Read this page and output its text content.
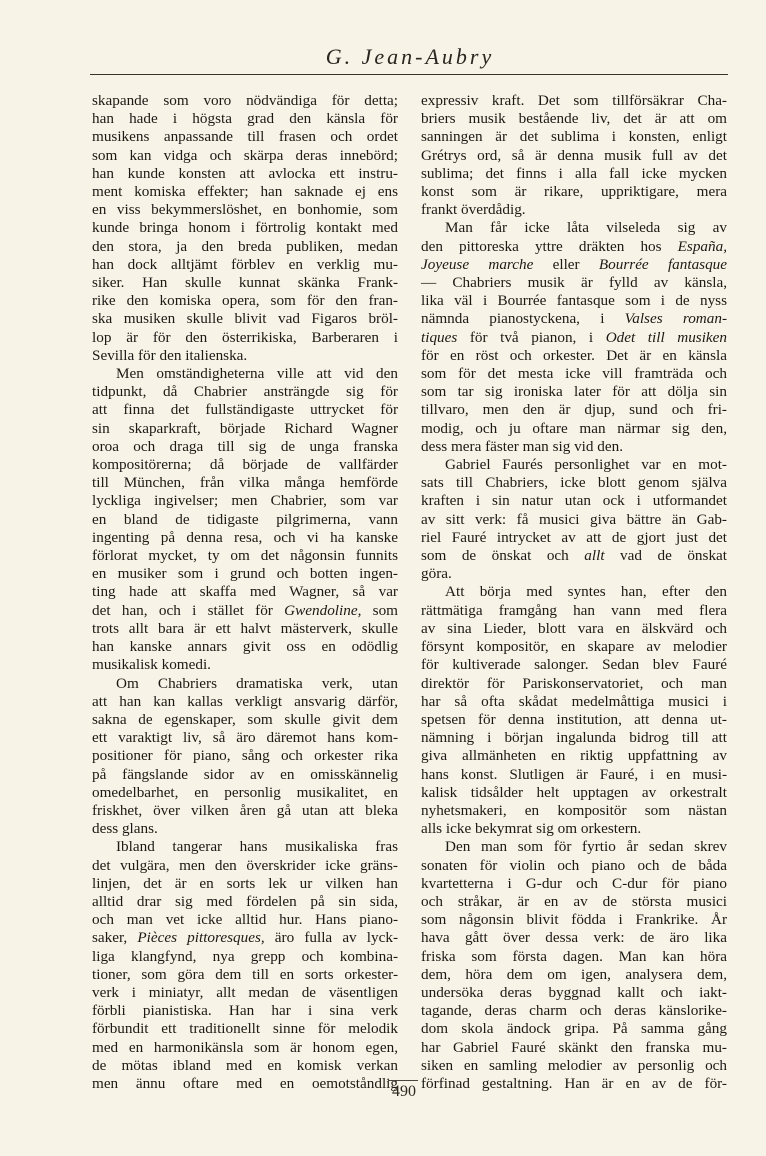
G. Jean-Aubry
skapande som voro nödvändiga för detta;
han hade i högsta grad den känsla för
musikens anpassande till frasen och ordet
som kan vidga och skärpa deras innebörd;
han kunde konsten att avlocka ett instru-
ment komiska effekter; han saknade ej ens
en viss bekymmerslöshet, en bonhomie, som
kunde bringa honom i förtrolig kontakt med
den stora, ja den breda publiken, medan
han dock alltjämt förblev en verklig mu-
siker. Han skulle kunnat skänka Frank-
rike den komiska opera, som för den fran-
ska musiken skulle blivit vad Figaros bröl-
lop är för den österrikiska, Barberaren i
Sevilla för den italienska.
Men omständigheterna ville att vid den
tidpunkt, då Chabrier ansträngde sig för
att finna det fullständigaste uttrycket för
sin skaparkraft, började Richard Wagner
oroa och draga till sig de unga franska
kompositörerna; då började de vallfärder
till München, från vilka många hemförde
lyckliga ingivelser; men Chabrier, som var
en bland de tidigaste pilgrimerna, vann
ingenting på denna resa, och vi ha kanske
förlorat mycket, ty om det någonsin funnits
en musiker som i grund och botten ingen-
ting hade att skaffa med Wagner, så var
det han, och i stället för Gwendoline, som
trots allt bara är ett halvt mästerverk, skulle
han kanske annars givit oss en odödlig
musikalisk komedi.
Om Chabriers dramatiska verk, utan
att han kan kallas verkligt ansvarig därför,
sakna de egenskaper, som skulle givit dem
ett varaktigt liv, så äro däremot hans kom-
positioner för piano, sång och orkester rika
på fängslande sidor av en omisskännelig
omedelbarhet, en personlig musikalitet, en
friskhet, över vilken åren gå utan att bleka
dess glans.
Ibland tangerar hans musikaliska fras
det vulgära, men den överskrider icke gräns-
linjen, det är en sorts lek ur vilken han
alltid drar sig med fördelen på sin sida,
och man vet icke alltid hur. Hans piano-
saker, Pièces pittoresques, äro fulla av lyck-
liga klangfynd, nya grepp och kombina-
tioner, som göra dem till en sorts orkester-
verk i miniatyr, allt medan de väsentligen
förbli pianistiska. Han har i sina verk
förbundit ett traditionellt sinne för melodik
med en harmonikänsla som är honom egen,
de mötas ibland med en komisk verkan
men ännu oftare med en oemotståndlig
expressiv kraft. Det som tillförsäkrar Cha-
briers musik bestående liv, det är att om
sanningen är det sublima i konsten, enligt
Grétrys ord, så är denna musik full av det
sublima; det finns i alla fall icke mycken
konst som är rikare, uppriktigare, mera
frankt överdådig.
Man får icke låta vilseleda sig av
den pittoreska yttre dräkten hos España,
Joyeuse marche eller Bourrée fantasque
— Chabriers musik är fylld av känsla,
lika väl i Bourrée fantasque som i de nyss
nämnda pianostyckena, i Valses roman-
tiques för två pianon, i Odet till musiken
för en röst och orkester. Det är en känsla
som för det mesta icke vill framträda och
som tar sig ironiska later för att dölja sin
tillvaro, men den är djup, sund och fri-
modig, och ju oftare man närmar sig den,
dess mera fäster man sig vid den.
Gabriel Faurés personlighet var en mot-
sats till Chabriers, icke blott genom själva
kraften i sin natur utan ock i utformandet
av sitt verk: få musici giva bättre än Gab-
riel Fauré intrycket av att de gjort just det
som de önskat och allt vad de önskat
göra.
Att börja med syntes han, efter den
rättmätiga framgång han vann med flera
av sina Lieder, blott vara en älskvärd och
försynt kompositör, en skapare av melodier
för kultiverade salonger. Sedan blev Fauré
direktör för Pariskonservatoriet, och man
har så ofta skådat medelmåttiga musici i
spetsen för denna institution, att denna ut-
nämning i början ingalunda bidrog till att
giva allmänheten en riktig uppfattning av
hans konst. Slutligen är Fauré, i en musi-
kalisk tidsålder helt upptagen av orkestralt
nyhetsmakeri, en kompositör som nästan
alls icke bekymrat sig om orkestern.
Den man som för fyrtio år sedan skrev
sonaten för violin och piano och de båda
kvartetterna i G-dur och C-dur för piano
och stråkar, är en av de största musici
som någonsin blivit födda i Frankrike. År
hava gått över dessa verk: de äro lika
friska som första dagen. Man kan höra
dem, höra dem om igen, analysera dem,
undersöka deras byggnad kallt och iakt-
tagande, deras charm och deras känslorike-
dom skola ändock gripa. På samma gång
har Gabriel Fauré skänkt den franska mu-
siken en samling melodier av personlig och
förfinad gestaltning. Han är en av de för-
490
